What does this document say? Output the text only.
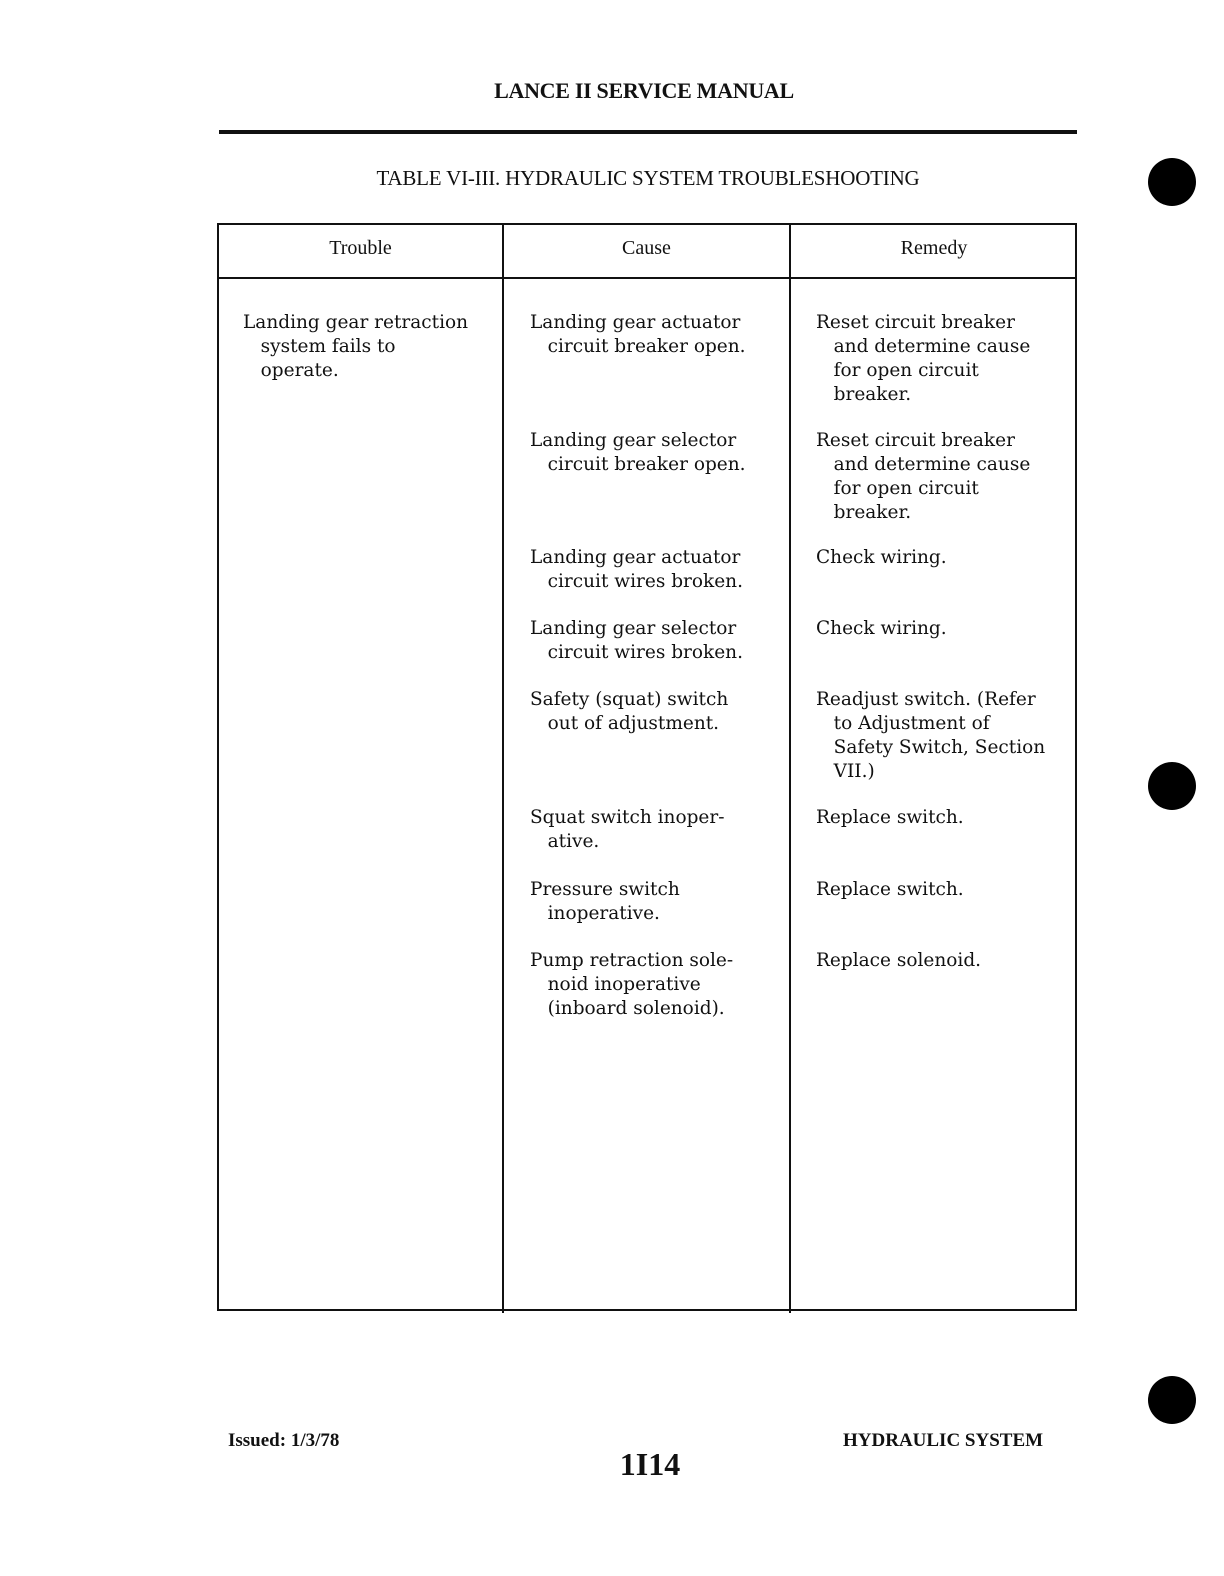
LANCE II SERVICE MANUAL
TABLE VI-III. HYDRAULIC SYSTEM TROUBLESHOOTING
Trouble	Cause	Remedy
Landing gear retraction
system fails to
operate.
Landing gear actuator
circuit breaker open.
Reset circuit breaker
and determine cause
for open circuit
breaker.
Landing gear selector
circuit breaker open.
Reset circuit breaker
and determine cause
for open circuit
breaker.
Landing gear actuator
circuit wires broken.
Check wiring.
Landing gear selector
circuit wires broken.
Check wiring.
Safety (squat) switch
out of adjustment.
Readjust switch. (Refer
to Adjustment of
Safety Switch, Section
VII.)
Squat switch inoper-
ative.
Replace switch.
Pressure switch
inoperative.
Replace switch.
Pump retraction sole-
noid inoperative
(inboard solenoid).
Replace solenoid.
Issued: 1/3/78
1I14
HYDRAULIC SYSTEM
